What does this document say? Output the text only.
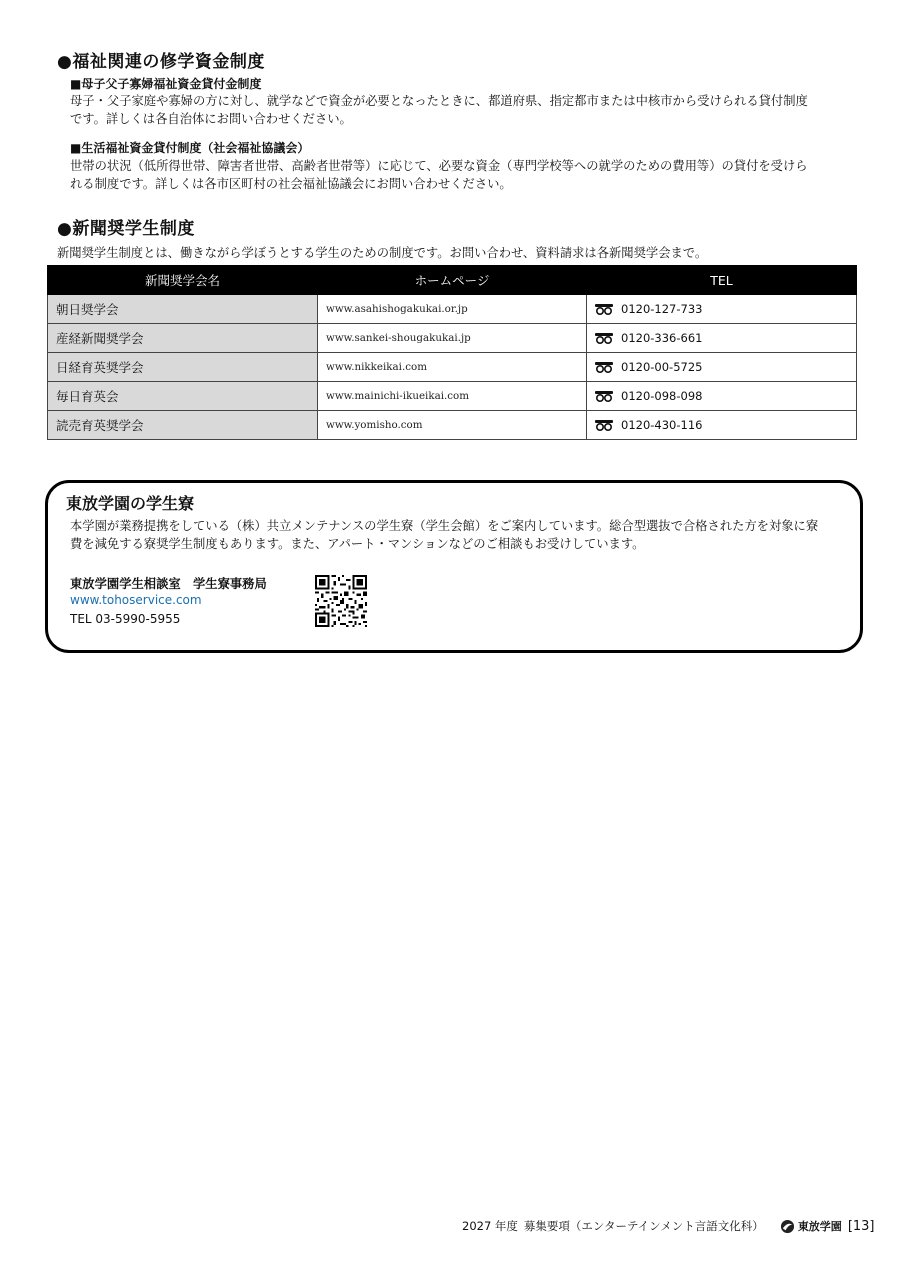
●福祉関連の修学資金制度
■母子父子寡婦福祉資金貸付金制度
母子・父子家庭や寡婦の方に対し、就学などで資金が必要となったときに、都道府県、指定都市または中核市から受けられる貸付制度
です。詳しくは各自治体にお問い合わせください。
■生活福祉資金貸付制度（社会福祉協議会）
世帯の状況（低所得世帯、障害者世帯、高齢者世帯等）に応じて、必要な資金（専門学校等への就学のための費用等）の貸付を受けら
れる制度です。詳しくは各市区町村の社会福祉協議会にお問い合わせください。
●新聞奨学生制度
新聞奨学生制度とは、働きながら学ぼうとする学生のための制度です。お問い合わせ、資料請求は各新聞奨学会まで。
新聞奨学会名	ホームページ	TEL
朝日奨学会	www.asahishogakukai.or.jp	0120-127-733
産経新聞奨学会	www.sankei-shougakukai.jp	0120-336-661
日経育英奨学会	www.nikkeikai.com	0120-00-5725
毎日育英会	www.mainichi-ikueikai.com	0120-098-098
読売育英奨学会	www.yomisho.com	0120-430-116
東放学園の学生寮
本学園が業務提携をしている（株）共立メンテナンスの学生寮（学生会館）をご案内しています。総合型選抜で合格された方を対象に寮
費を減免する寮奨学生制度もあります。また、アパート・マンションなどのご相談もお受けしています。
東放学園学生相談室　学生寮事務局
www.tohoservice.com
TEL 03-5990-5955
2027 年度 募集要項（エンターテインメント言語文化科）	東放学園 [13]
